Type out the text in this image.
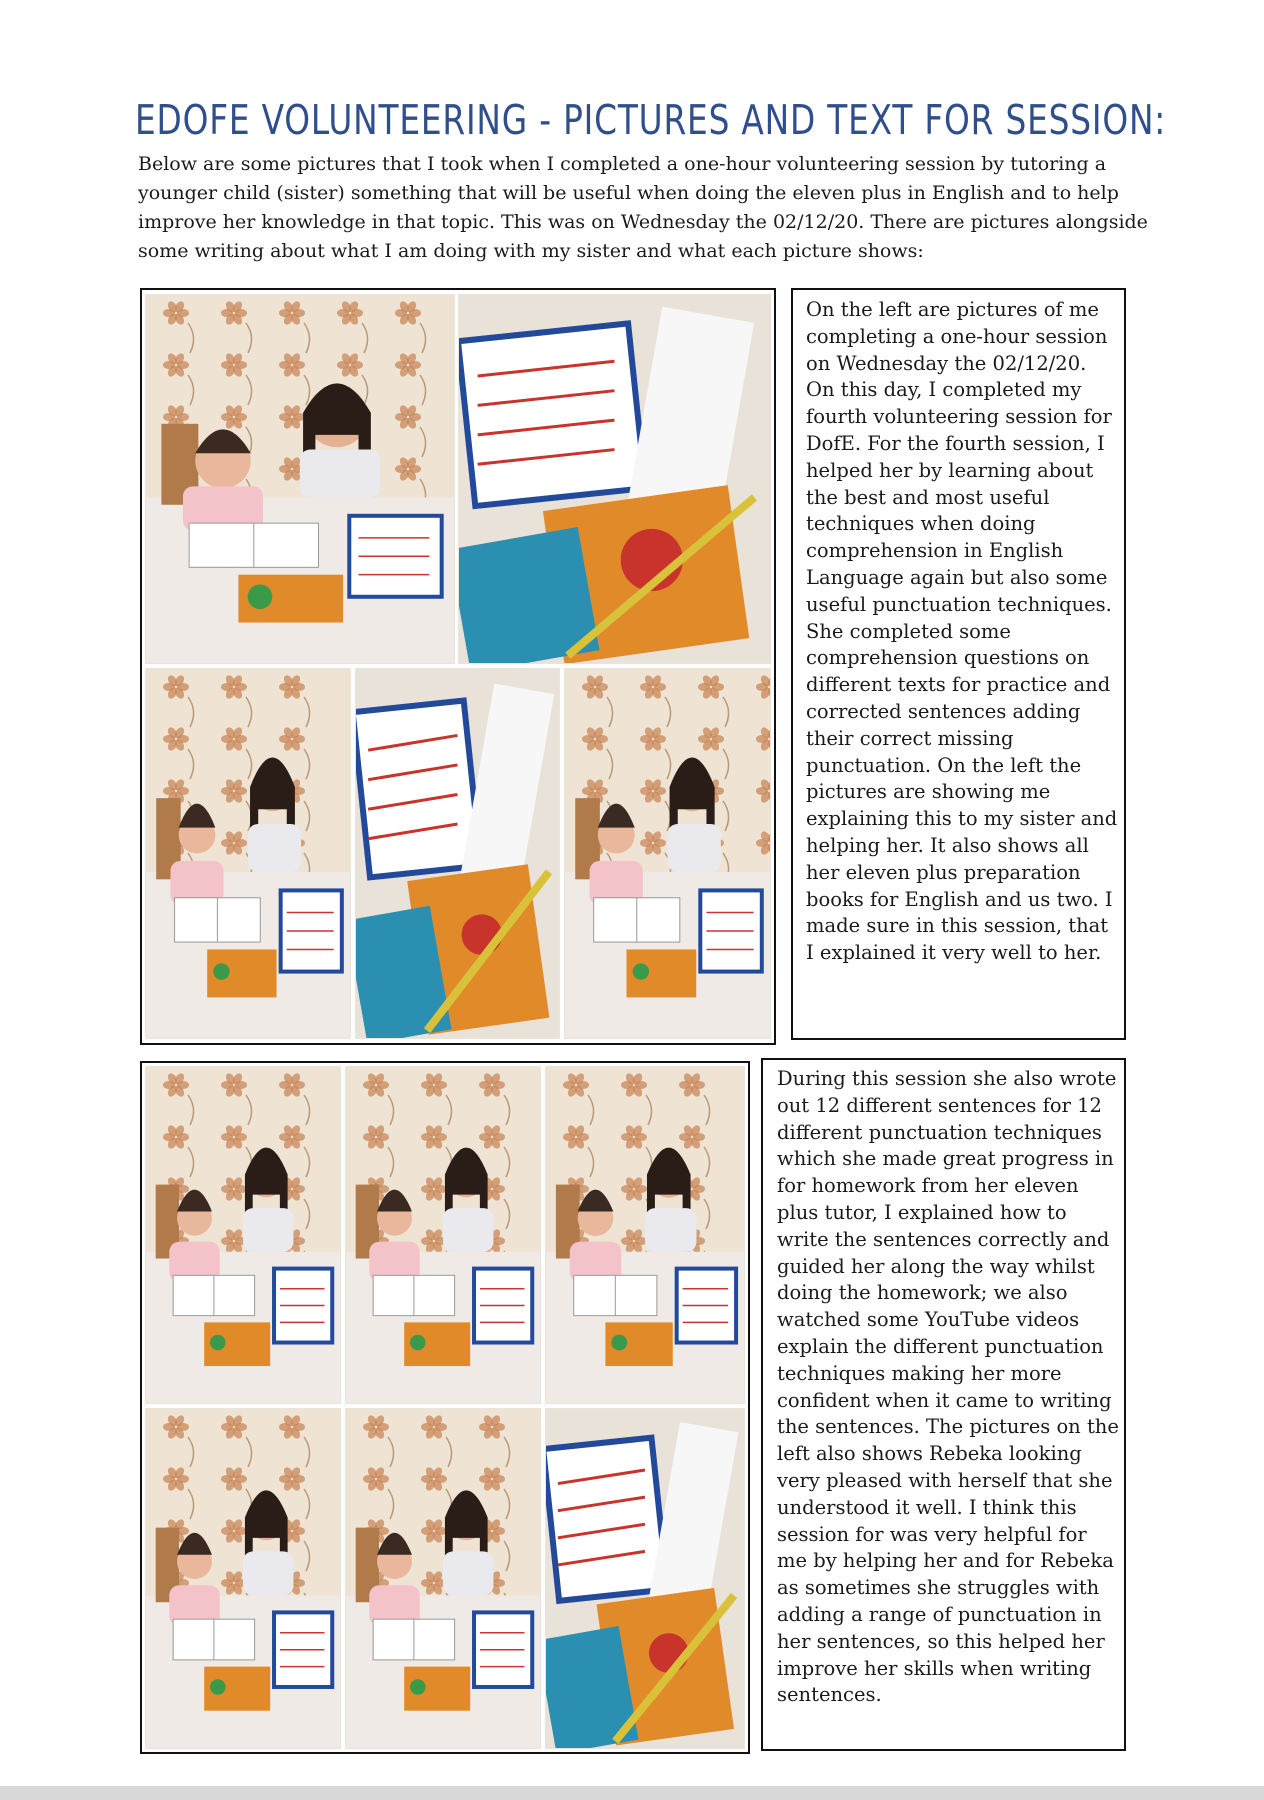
EDOFE VOLUNTEERING - PICTURES AND TEXT FOR SESSION:

Below are some pictures that I took when I completed a one-hour volunteering session by tutoring a younger child (sister) something that will be useful when doing the eleven plus in English and to help improve her knowledge in that topic. This was on Wednesday the 02/12/20. There are pictures alongside some writing about what I am doing with my sister and what each picture shows:

On the left are pictures of me completing a one-hour session on Wednesday the 02/12/20. On this day, I completed my fourth volunteering session for DofE. For the fourth session, I helped her by learning about the best and most useful techniques when doing comprehension in English Language again but also some useful punctuation techniques. She completed some comprehension questions on different texts for practice and corrected sentences adding their correct missing punctuation. On the left the pictures are showing me explaining this to my sister and helping her. It also shows all her eleven plus preparation books for English and us two. I made sure in this session, that I explained it very well to her.

During this session she also wrote out 12 different sentences for 12 different punctuation techniques which she made great progress in for homework from her eleven plus tutor, I explained how to write the sentences correctly and guided her along the way whilst doing the homework; we also watched some YouTube videos explain the different punctuation techniques making her more confident when it came to writing the sentences. The pictures on the left also shows Rebeka looking very pleased with herself that she understood it well. I think this session for was very helpful for me by helping her and for Rebeka as sometimes she struggles with adding a range of punctuation in her sentences, so this helped her improve her skills when writing sentences.
